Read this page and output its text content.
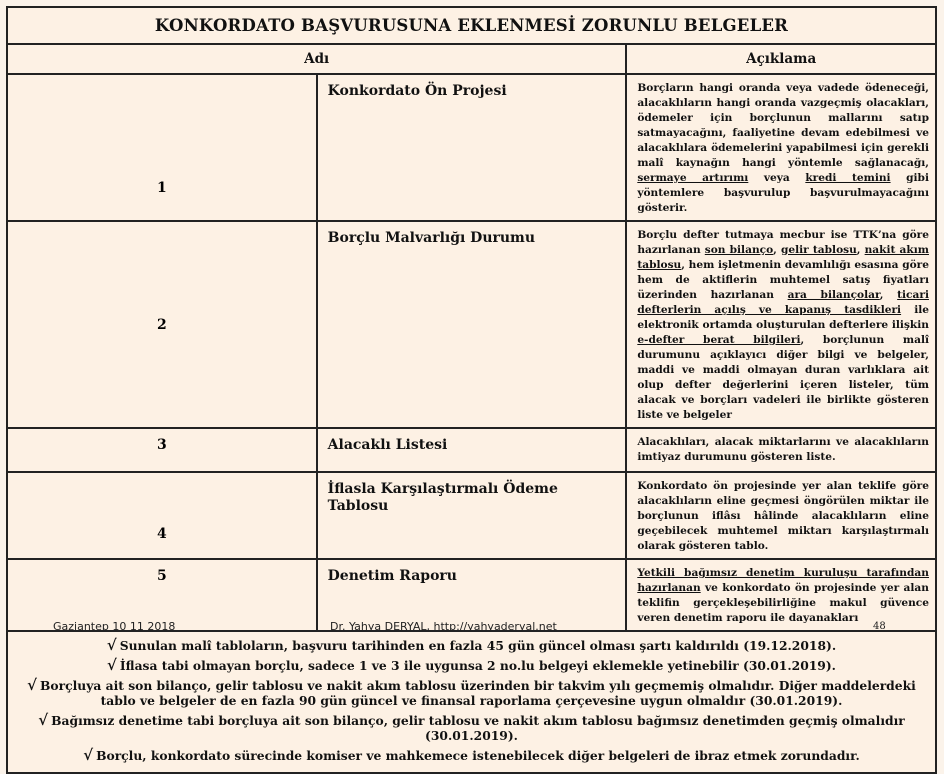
KONKORDATO BAŞVURUSUNA EKLENMESİ ZORUNLU BELGELER		
Adı		Açıklama
1	Konkordato Ön Projesi	Borçların hangi oranda veya vadede ödeneceği, alacaklıların hangi oranda vazgeçmiş olacakları, ödemeler için borçlunun mallarını satıp satmayacağını, faaliyetine devam edebilmesi ve alacaklılara ödemelerini yapabilmesi için gerekli malî kaynağın hangi yöntemle sağlanacağı, sermaye artırımı veya kredi temini gibi yöntemlere başvurulup başvurulmayacağını gösterir.
2	Borçlu Malvarlığı Durumu	Borçlu defter tutmaya mecbur ise TTK’na göre hazırlanan son bilanço, gelir tablosu, nakit akım tablosu, hem işletmenin devamlılığı esasına göre hem de aktiflerin muhtemel satış fiyatları üzerinden hazırlanan ara bilançolar, ticari defterlerin açılış ve kapanış tasdikleri ile elektronik ortamda oluşturulan defterlere ilişkin e-defter berat bilgileri, borçlunun malî durumunu açıklayıcı diğer bilgi ve belgeler, maddi ve maddi olmayan duran varlıklara ait olup defter değerlerini içeren listeler, tüm alacak ve borçları vadeleri ile birlikte gösteren liste ve belgeler
3	Alacaklı Listesi	Alacaklıları, alacak miktarlarını ve alacaklıların imtiyaz durumunu gösteren liste.
4	İflasla Karşılaştırmalı Ödeme Tablosu	Konkordato ön projesinde yer alan teklife göre alacaklıların eline geçmesi öngörülen miktar ile borçlunun iflâsı hâlinde alacaklıların eline geçebilecek muhtemel miktarı karşılaştırmalı olarak gösteren tablo.
5	Denetim Raporu	Yetkili bağımsız denetim kuruluşu tarafından hazırlanan ve konkordato ön projesinde yer alan teklifin gerçekleşebilirliğine makul güvence veren denetim raporu ile dayanakları

√ Sunulan malî tabloların, başvuru tarihinden en fazla 45 gün güncel olması şartı kaldırıldı (19.12.2018).

√ İflasa tabi olmayan borçlu, sadece 1 ve 3 ile uygunsa 2 no.lu belgeyi eklemekle yetinebilir (30.01.2019).

√ Borçluya ait son bilanço, gelir tablosu ve nakit akım tablosu üzerinden bir takvim yılı geçmemiş olmalıdır. Diğer maddelerdeki tablo ve belgeler de en fazla 90 gün güncel ve finansal raporlama çerçevesine uygun olmaldır (30.01.2019).

√ Bağımsız denetime tabi borçluya ait son bilanço, gelir tablosu ve nakit akım tablosu bağımsız denetimden geçmiş olmalıdır (30.01.2019).

√ Borçlu, konkordato sürecinde komiser ve mahkemece istenebilecek diğer belgeleri de ibraz etmek zorundadır.		

Gaziantep 10 11 2018	Dr. Yahya DERYAL, http://yahyaderyal.net	48
